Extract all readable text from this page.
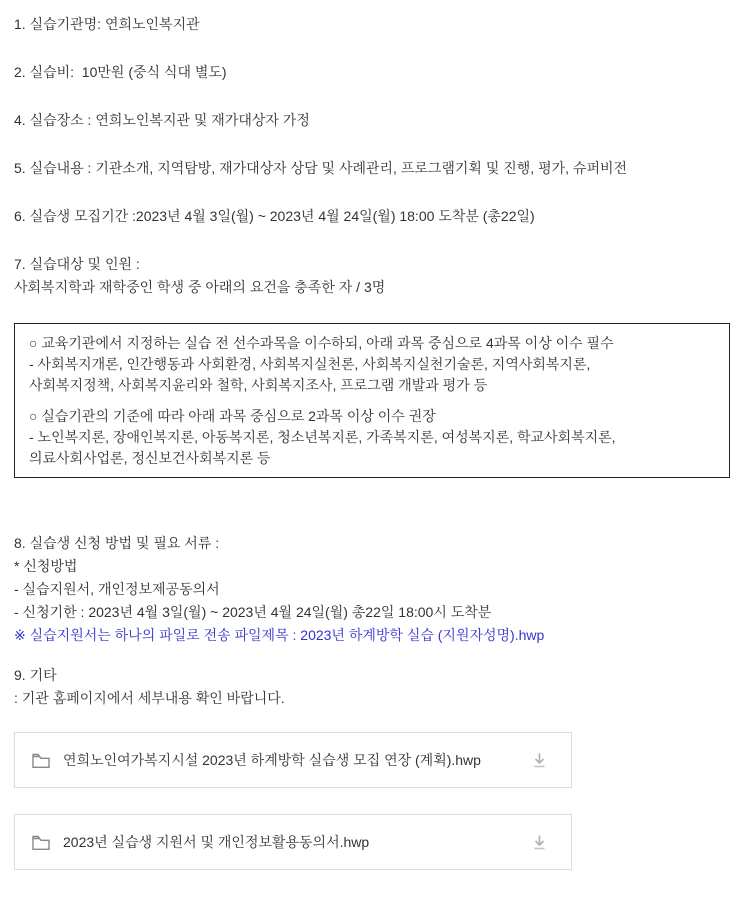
1. 실습기관명: 연희노인복지관

2. 실습비:  10만원 (중식 식대 별도)

4. 실습장소 : 연희노인복지관 및 재가대상자 가정

5. 실습내용 : 기관소개, 지역탐방, 재가대상자 상담 및 사례관리, 프로그램기획 및 진행, 평가, 슈퍼비전

6. 실습생 모집기간 :2023년 4월 3일(월) ~ 2023년 4월 24일(월) 18:00 도착분 (총22일)

7. 실습대상 및 인원 :

사회복지학과 재학중인 학생 중 아래의 요건을 충족한 자 / 3명

○ 교육기관에서 지정하는 실습 전 선수과목을 이수하되, 아래 과목 중심으로 4과목 이상 이수 필수

- 사회복지개론, 인간행동과 사회환경, 사회복지실천론, 사회복지실천기술론, 지역사회복지론,

사회복지정책, 사회복지윤리와 철학, 사회복지조사, 프로그램 개발과 평가 등

○ 실습기관의 기준에 따라 아래 과목 중심으로 2과목 이상 이수 권장

- 노인복지론, 장애인복지론, 아동복지론, 청소년복지론, 가족복지론, 여성복지론, 학교사회복지론,

의료사회사업론, 정신보건사회복지론 등

8. 실습생 신청 방법 및 필요 서류 :

* 신청방법

- 실습지원서, 개인정보제공동의서

- 신청기한 : 2023년 4월 3일(월) ~ 2023년 4월 24일(월) 총22일 18:00시 도착분

※ 실습지원서는 하나의 파일로 전송 파일제목 : 2023년 하계방학 실습 (지원자성명).hwp

9. 기타

: 기관 홈페이지에서 세부내용 확인 바랍니다.

연희노인여가복지시설 2023년 하계방학 실습생 모집 연장 (계획).hwp
2023년 실습생 지원서 및 개인정보활용동의서.hwp
